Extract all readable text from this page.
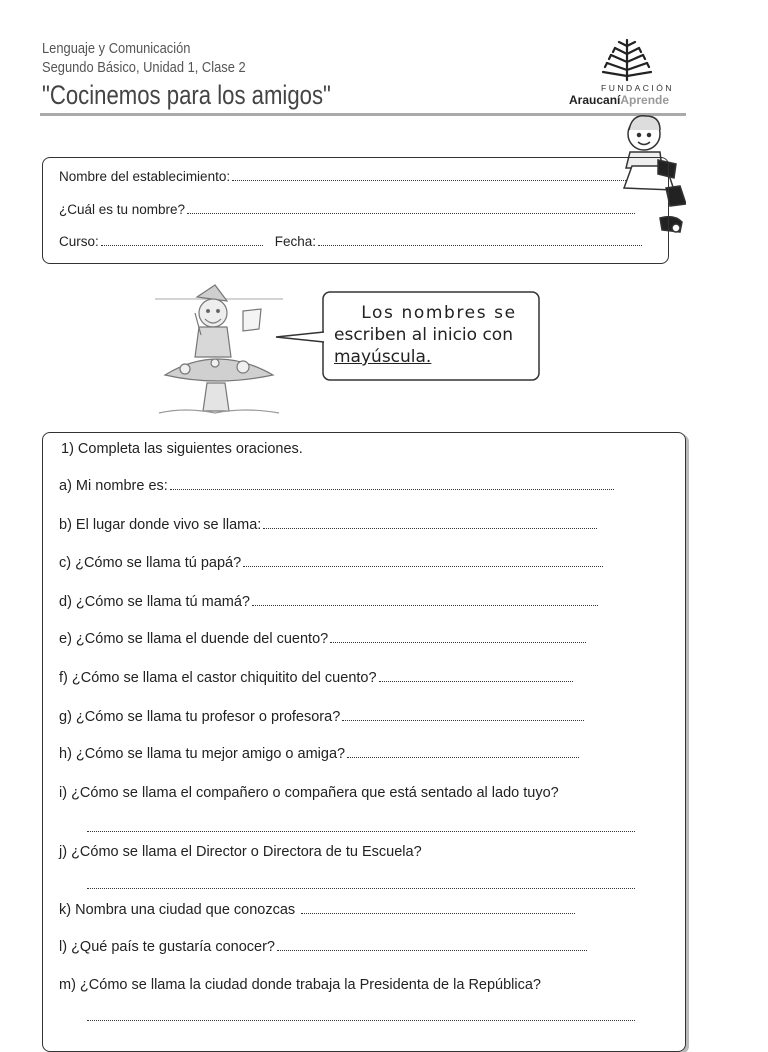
Lenguaje y Comunicación
Segundo Básico, Unidad 1, Clase 2
"Cocinemos para los amigos"	FUNDACIÓN
AraucaníAprende
Nombre del establecimiento:
¿Cuál es tu nombre?
Curso:	Fecha:
Los nombres se
escriben al inicio con
mayúscula.
1) Completa las siguientes oraciones.
a) Mi nombre es:
b) El lugar donde vivo se llama:
c) ¿Cómo se llama tú papá?
d) ¿Cómo se llama tú mamá?
e) ¿Cómo se llama el duende del cuento?
f) ¿Cómo se llama el castor chiquitito del cuento?
g) ¿Cómo se llama tu profesor o profesora?
h) ¿Cómo se llama tu mejor amigo o amiga?
i) ¿Cómo se llama el compañero o compañera que está sentado al lado tuyo?
j) ¿Cómo se llama el Director o Directora de tu Escuela?
k) Nombra una ciudad que conozcas
l) ¿Qué país te gustaría conocer?
m) ¿Cómo se llama la ciudad donde trabaja la Presidenta de la República?
